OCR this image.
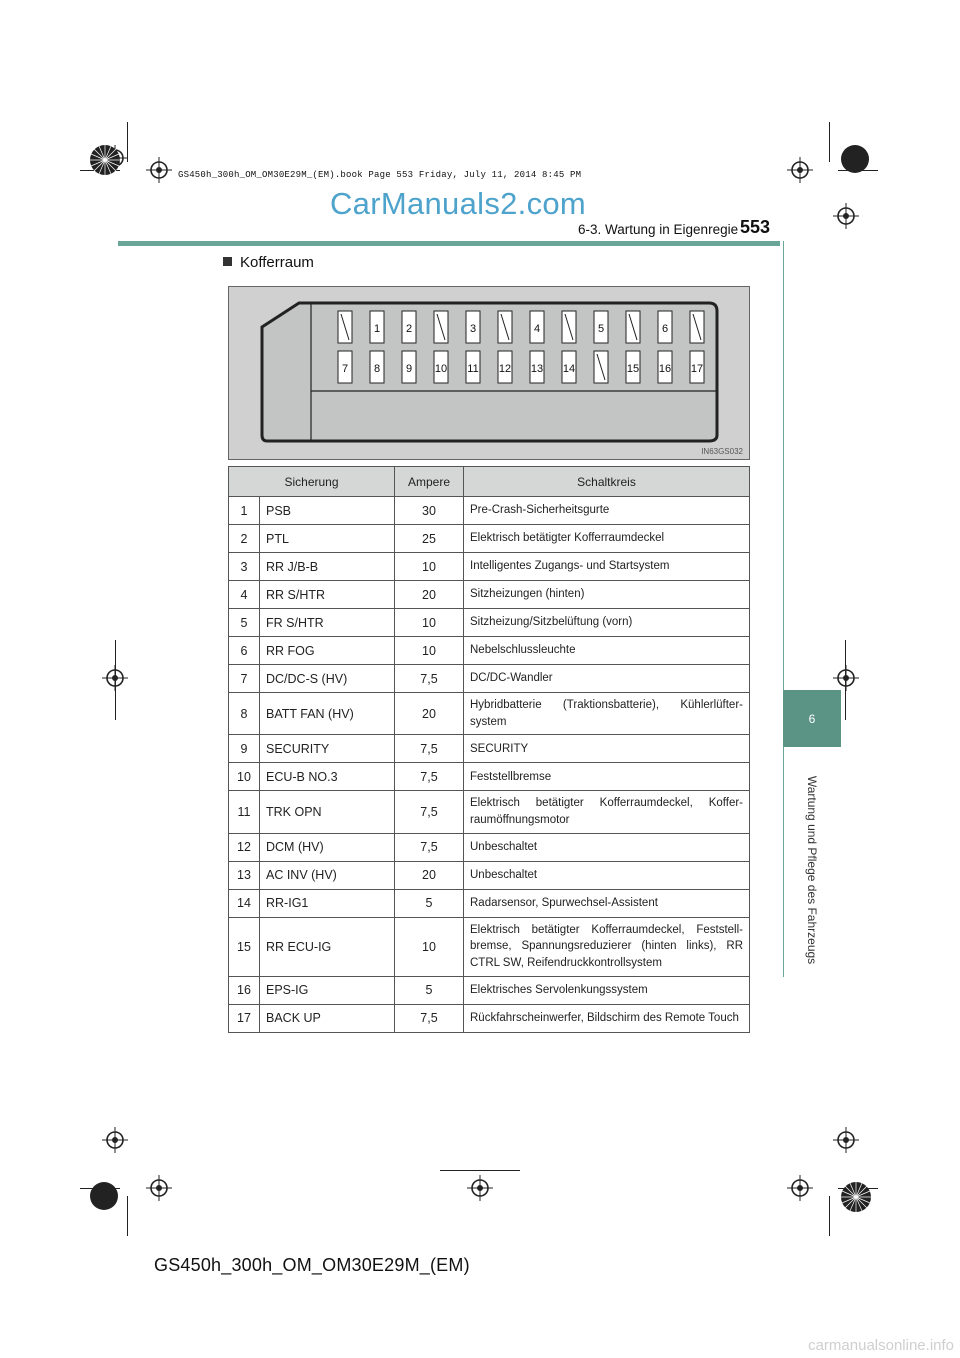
GS450h_300h_OM_OM30E29M_(EM).book Page 553 Friday, July 11, 2014 8:45 PM
CarManuals2.com
6-3. Wartung in Eigenregie 553
6
Wartung und Pflege des Fahrzeugs
Kofferraum
1 2	3	4	5	6
7 8 9 10 11 12 13 14	15 16 17
IN63GS032
Sicherung		Ampere	Schaltkreis
1	PSB	30	Pre-Crash-Sicherheitsgurte
2	PTL	25	Elektrisch betätigter Kofferraumdeckel
3	RR J/B-B	10	Intelligentes Zugangs- und Startsystem
4	RR S/HTR	20	Sitzheizungen (hinten)
5	FR S/HTR	10	Sitzheizung/Sitzbelüftung (vorn)
6	RR FOG	10	Nebelschlussleuchte
7	DC/DC-S (HV)	7,5	DC/DC-Wandler
8	BATT FAN (HV)	20	Hybridbatterie (Traktionsbatterie), Kühlerlüfter-system
9	SECURITY	7,5	SECURITY
10	ECU-B NO.3	7,5	Feststellbremse
11	TRK OPN	7,5	Elektrisch betätigter Kofferraumdeckel, Koffer-raumöffnungsmotor
12	DCM (HV)	7,5	Unbeschaltet
13	AC INV (HV)	20	Unbeschaltet
14	RR-IG1	5	Radarsensor, Spurwechsel-Assistent
15	RR ECU-IG	10	Elektrisch betätigter Kofferraumdeckel, Feststell-bremse, Spannungsreduzierer (hinten links), RR CTRL SW, Reifendruckkontrollsystem
16	EPS-IG	5	Elektrisches Servolenkungssystem
17	BACK UP	7,5	Rückfahrscheinwerfer, Bildschirm des Remote Touch
GS450h_300h_OM_OM30E29M_(EM)
carmanualsonline.info
